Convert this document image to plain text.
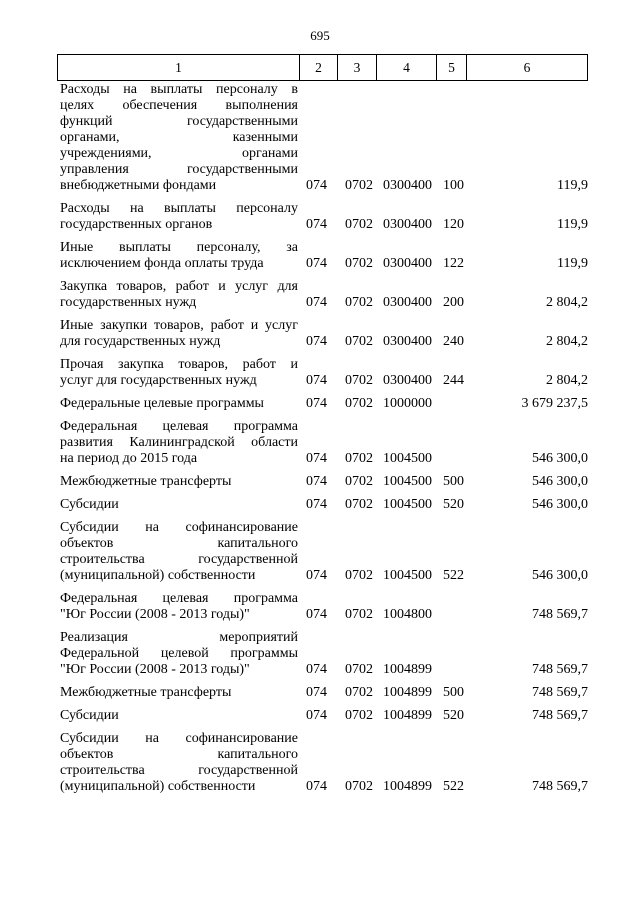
695
1	2	3	4	5	6
Расходы на выплаты персоналу в
целях обеспечения выполнения
функций государственными
органами, казенными
учреждениями, органами
управления государственными
внебюджетными фондами	074 0702 0300400 100	119,9
Расходы на выплаты персоналу
государственных органов	074 0702 0300400 120	119,9
Иные выплаты персоналу, за
исключением фонда оплаты труда	074 0702 0300400 122	119,9
Закупка товаров, работ и услуг для
государственных нужд	074 0702 0300400 200	2 804,2
Иные закупки товаров, работ и услуг
для государственных нужд	074 0702 0300400 240	2 804,2
Прочая закупка товаров, работ и
услуг для государственных нужд	074 0702 0300400 244	2 804,2
Федеральные целевые программы	074 0702 1000000	3 679 237,5
Федеральная целевая программа
развития Калининградской области
на период до 2015 года	074 0702 1004500	546 300,0
Межбюджетные трансферты	074 0702 1004500 500	546 300,0
Субсидии	074 0702 1004500 520	546 300,0
Субсидии на софинансирование
объектов капитального
строительства государственной
(муниципальной) собственности	074 0702 1004500 522	546 300,0
Федеральная целевая программа
"Юг России (2008 - 2013 годы)"	074 0702 1004800	748 569,7
Реализация мероприятий
Федеральной целевой программы
"Юг России (2008 - 2013 годы)"	074 0702 1004899	748 569,7
Межбюджетные трансферты	074 0702 1004899 500	748 569,7
Субсидии	074 0702 1004899 520	748 569,7
Субсидии на софинансирование
объектов капитального
строительства государственной
(муниципальной) собственности	074 0702 1004899 522	748 569,7
